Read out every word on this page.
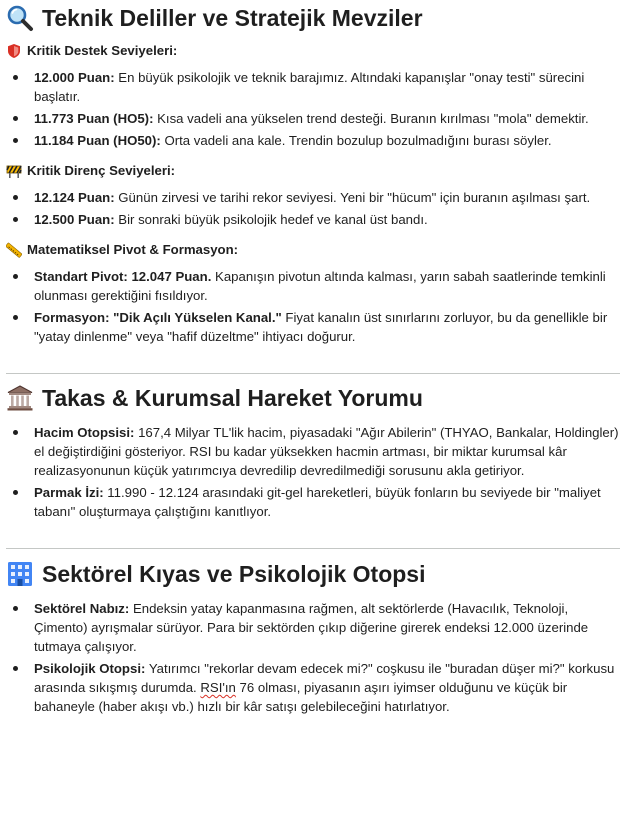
Teknik Deliller ve Stratejik Mevziler
Kritik Destek Seviyeleri:
12.000 Puan: En büyük psikolojik ve teknik barajımız. Altındaki kapanışlar "onay testi" sürecini başlatır.
11.773 Puan (HO5): Kısa vadeli ana yükselen trend desteği. Buranın kırılması "mola" demektir.
11.184 Puan (HO50): Orta vadeli ana kale. Trendin bozulup bozulmadığını burası söyler.
Kritik Direnç Seviyeleri:
12.124 Puan: Günün zirvesi ve tarihi rekor seviyesi. Yeni bir "hücum" için buranın aşılması şart.
12.500 Puan: Bir sonraki büyük psikolojik hedef ve kanal üst bandı.
Matematiksel Pivot & Formasyon:
Standart Pivot: 12.047 Puan. Kapanışın pivotun altında kalması, yarın sabah saatlerinde temkinli olunması gerektiğini fısıldıyor.
Formasyon: "Dik Açılı Yükselen Kanal." Fiyat kanalın üst sınırlarını zorluyor, bu da genellikle bir "yatay dinlenme" veya "hafif düzeltme" ihtiyacı doğurur.
Takas & Kurumsal Hareket Yorumu
Hacim Otopsisi: 167,4 Milyar TL'lik hacim, piyasadaki "Ağır Abilerin" (THYAO, Bankalar, Holdingler) el değiştirdiğini gösteriyor. RSI bu kadar yüksekken hacmin artması, bir miktar kurumsal kâr realizasyonunun küçük yatırımcıya devredilip devredilmediği sorusunu akla getiriyor.
Parmak İzi: 11.990 - 12.124 arasındaki git-gel hareketleri, büyük fonların bu seviyede bir "maliyet tabanı" oluşturmaya çalıştığını kanıtlıyor.
Sektörel Kıyas ve Psikolojik Otopsi
Sektörel Nabız: Endeksin yatay kapanmasına rağmen, alt sektörlerde (Havacılık, Teknoloji, Çimento) ayrışmalar sürüyor. Para bir sektörden çıkıp diğerine girerek endeksi 12.000 üzerinde tutmaya çalışıyor.
Psikolojik Otopsi: Yatırımcı "rekorlar devam edecek mi?" coşkusu ile "buradan düşer mi?" korkusu arasında sıkışmış durumda. RSI'ın 76 olması, piyasanın aşırı iyimser olduğunu ve küçük bir bahaneyle (haber akışı vb.) hızlı bir kâr satışı gelebileceğini hatırlatıyor.
